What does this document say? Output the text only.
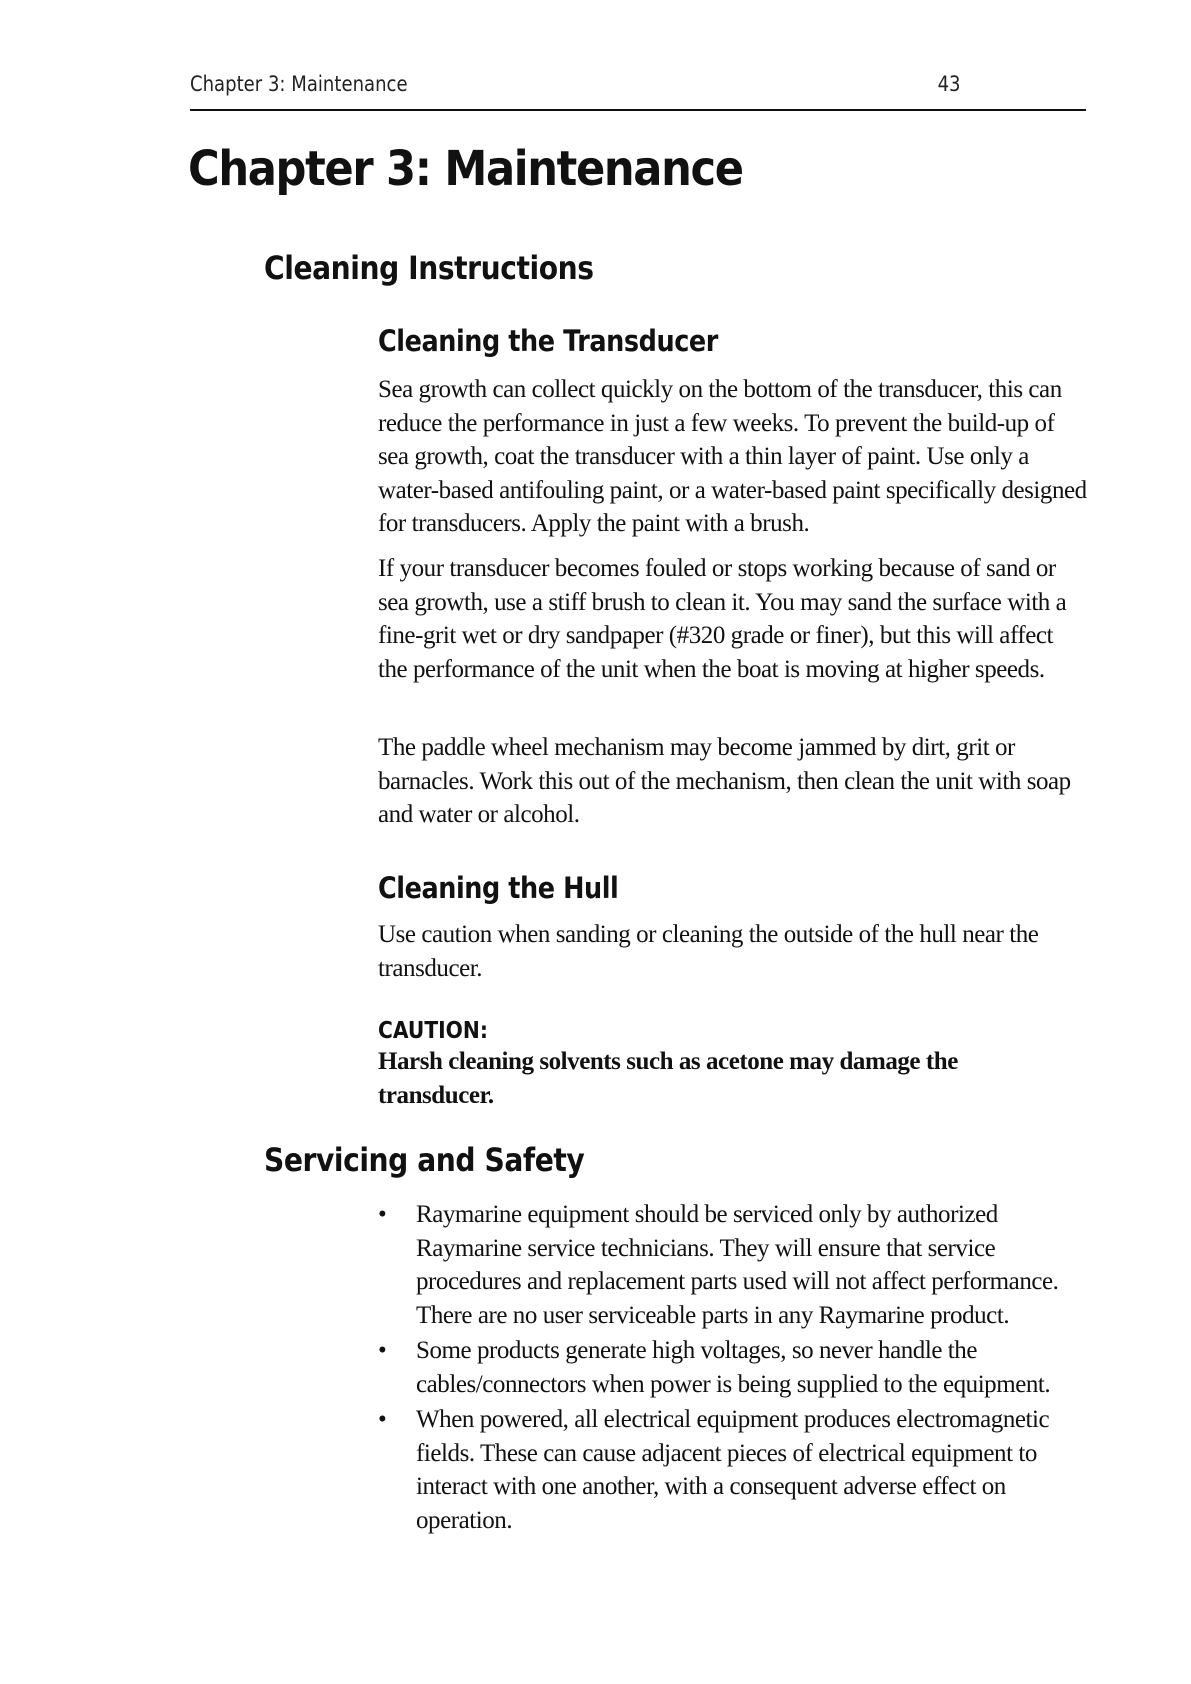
Chapter 3: Maintenance	43
Chapter 3: Maintenance
Cleaning Instructions
Cleaning the Transducer

Sea growth can collect quickly on the bottom of the transducer, this can reduce the performance in just a few weeks. To prevent the build-up of sea growth, coat the transducer with a thin layer of paint. Use only a water-based antifouling paint, or a water-based paint specifically designed for transducers. Apply the paint with a brush.

If your transducer becomes fouled or stops working because of sand or sea growth, use a stiff brush to clean it. You may sand the surface with a fine-grit wet or dry sandpaper (#320 grade or finer), but this will affect the performance of the unit when the boat is moving at higher speeds.

The paddle wheel mechanism may become jammed by dirt, grit or barnacles. Work this out of the mechanism, then clean the unit with soap and water or alcohol.

Cleaning the Hull

Use caution when sanding or cleaning the outside of the hull near the transducer.

CAUTION:

Harsh cleaning solvents such as acetone may damage the transducer.

Servicing and Safety
•	Raymarine equipment should be serviced only by authorized Raymarine service technicians. They will ensure that service procedures and replacement parts used will not affect performance. There are no user serviceable parts in any Raymarine product.
•	Some products generate high voltages, so never handle the cables/connectors when power is being supplied to the equipment.
•	When powered, all electrical equipment produces electromagnetic fields. These can cause adjacent pieces of electrical equipment to interact with one another, with a consequent adverse effect on operation.
